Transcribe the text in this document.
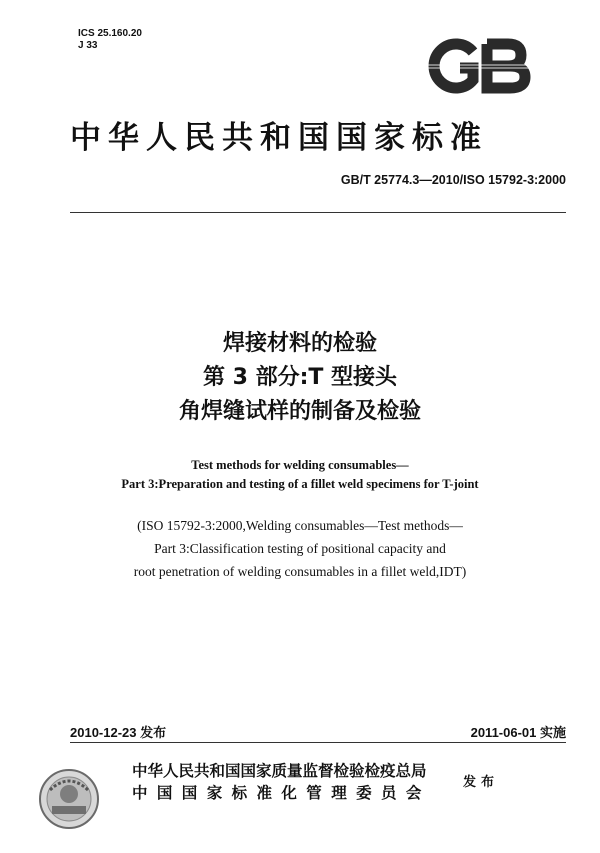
ICS 25.160.20
J 33
中华人民共和国国家标准
GB/T 25774.3—2010/ISO 15792-3:2000
焊接材料的检验
第 3 部分:T 型接头
角焊缝试样的制备及检验
Test methods for welding consumables—
Part 3:Preparation and testing of a fillet weld specimens for T-joint
(ISO 15792-3:2000,Welding consumables—Test methods—
Part 3:Classification testing of positional capacity and
root penetration of welding consumables in a fillet weld,IDT)
2010-12-23 发布	2011-06-01 实施
中华人民共和国国家质量监督检验检疫总局
中国国家标准化管理委员会
发布
